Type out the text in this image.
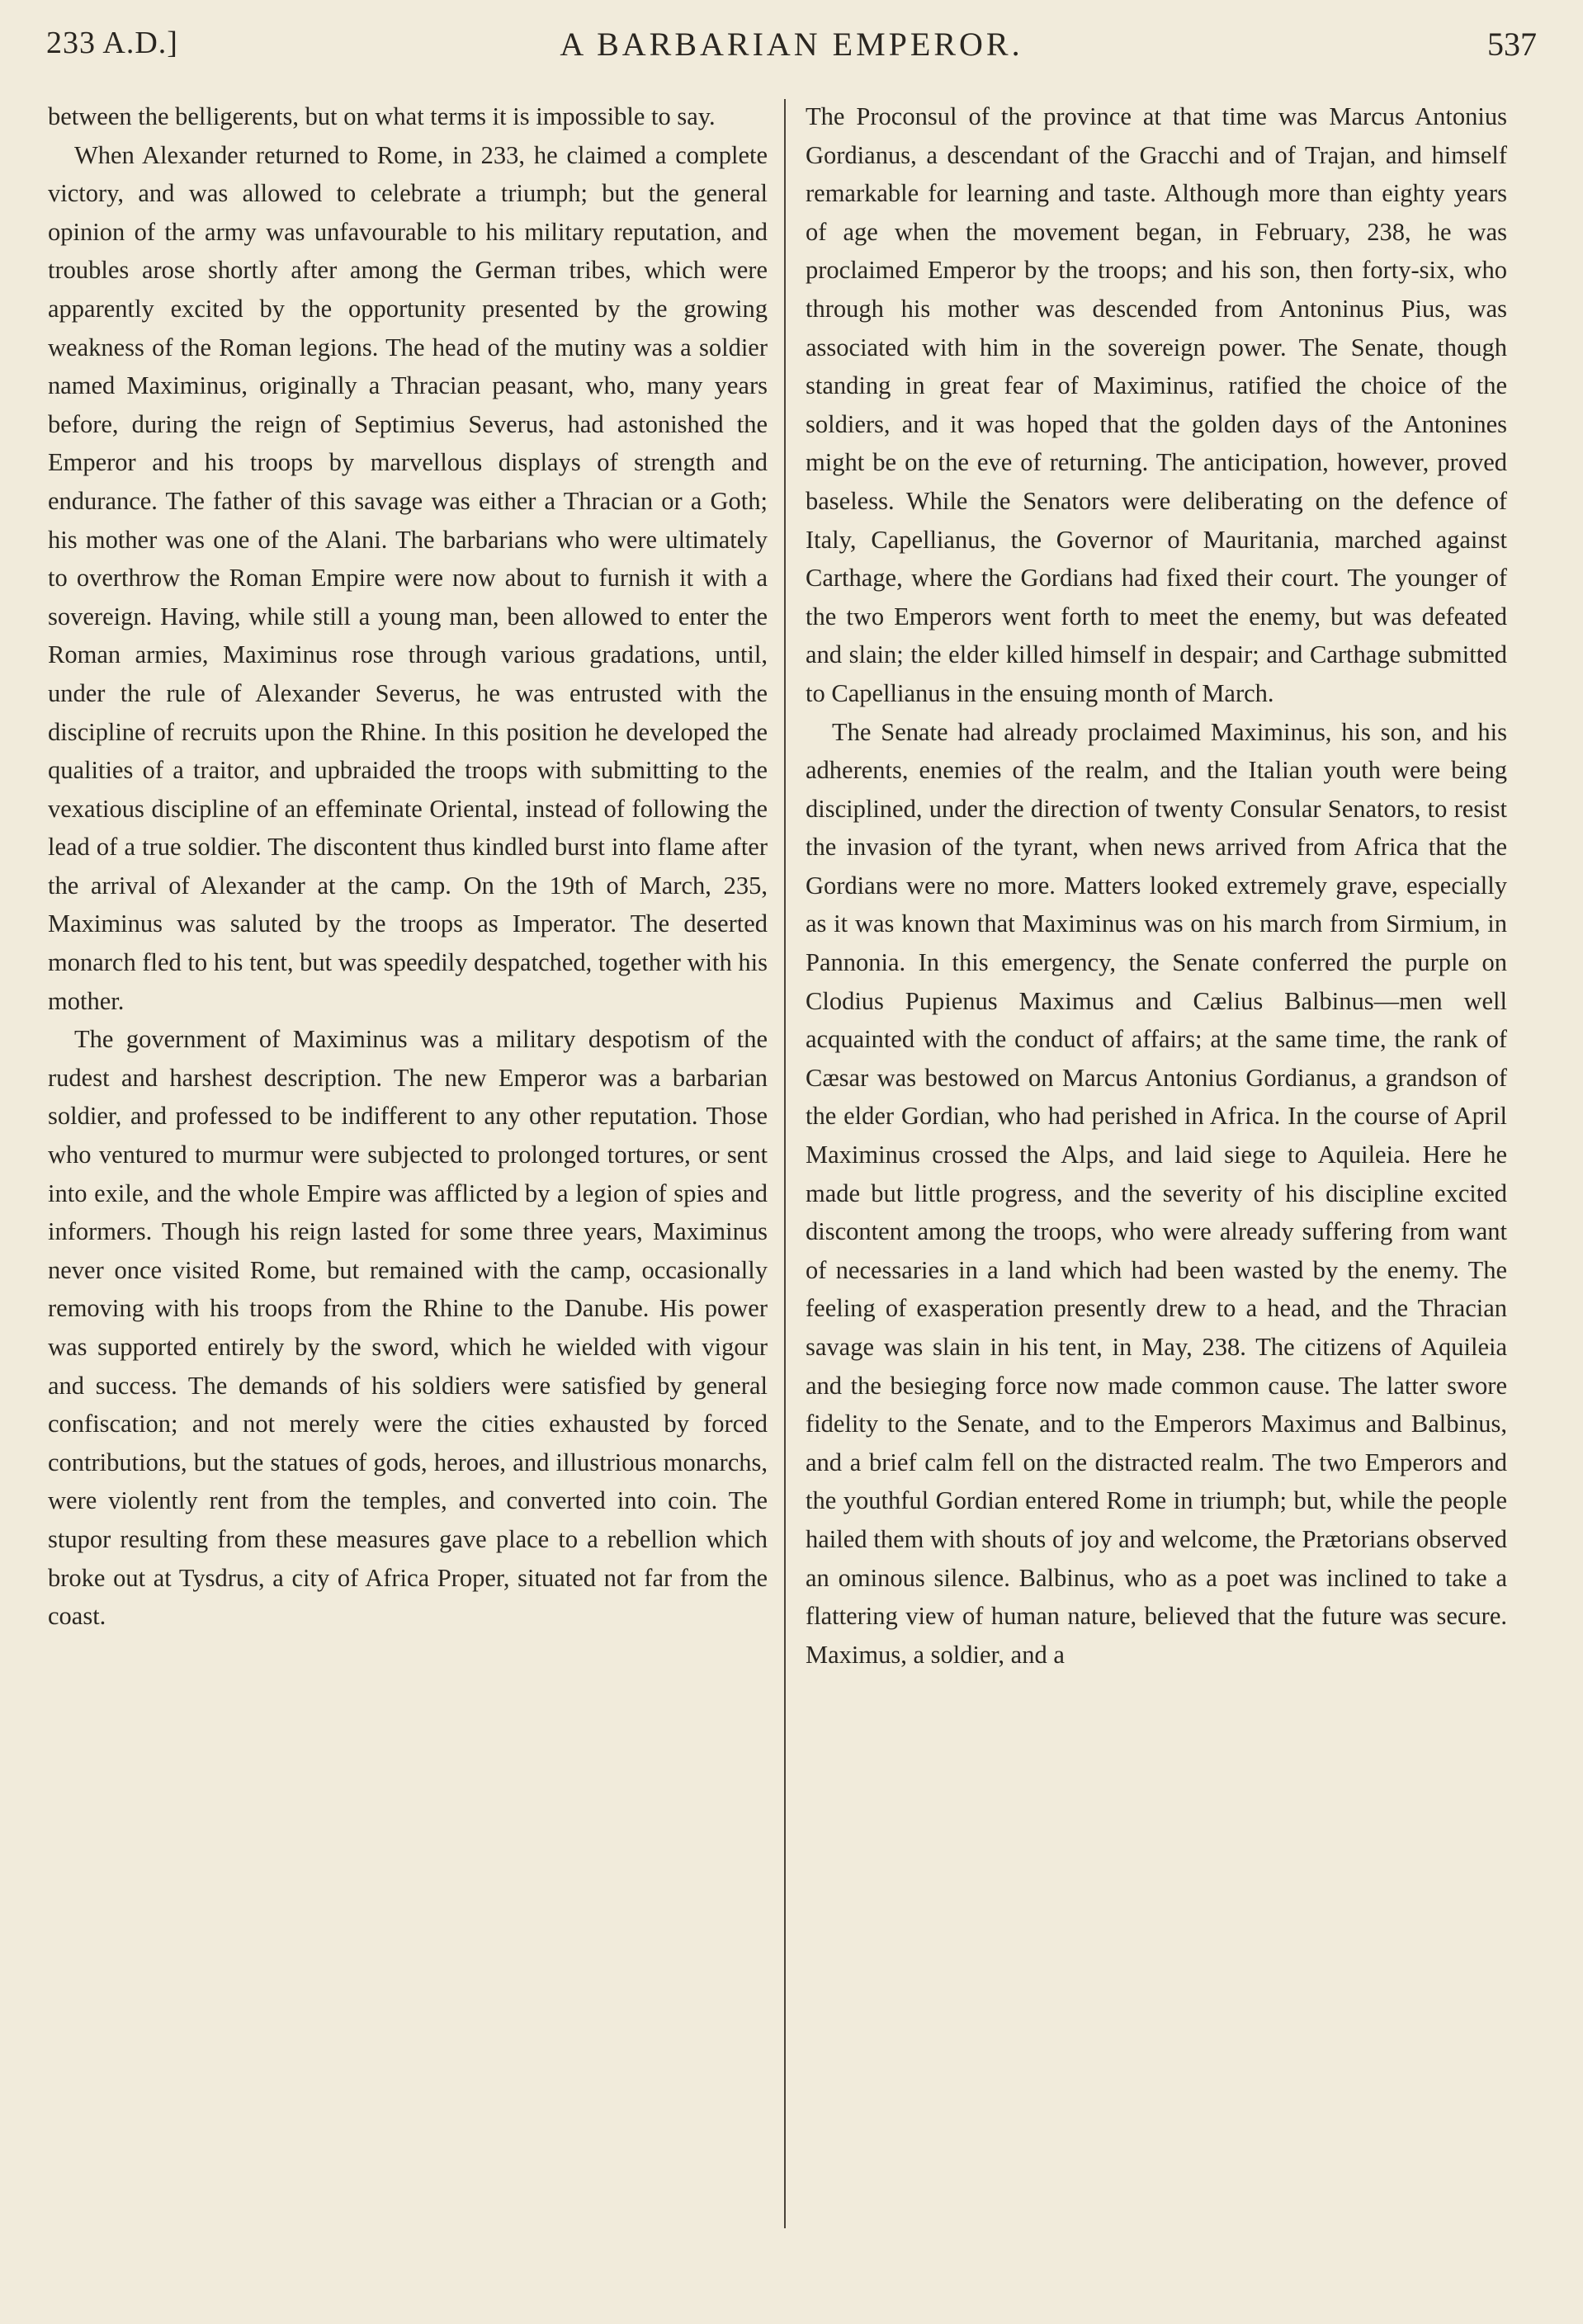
233 A.D.]	A BARBARIAN EMPEROR.	537

between the belligerents, but on what terms it is impossible to say.

When Alexander returned to Rome, in 233, he claimed a complete victory, and was allowed to celebrate a triumph; but the general opinion of the army was unfavourable to his military reputation, and troubles arose shortly after among the German tribes, which were apparently excited by the opportunity presented by the growing weakness of the Roman legions. The head of the mutiny was a soldier named Maximinus, originally a Thracian peasant, who, many years before, during the reign of Septimius Severus, had astonished the Emperor and his troops by marvellous displays of strength and endurance. The father of this savage was either a Thracian or a Goth; his mother was one of the Alani. The barbarians who were ultimately to overthrow the Roman Empire were now about to furnish it with a sovereign. Having, while still a young man, been allowed to enter the Roman armies, Maximinus rose through various gradations, until, under the rule of Alexander Severus, he was entrusted with the discipline of recruits upon the Rhine. In this position he developed the qualities of a traitor, and upbraided the troops with submitting to the vexatious discipline of an effeminate Oriental, instead of following the lead of a true soldier. The discontent thus kindled burst into flame after the arrival of Alexander at the camp. On the 19th of March, 235, Maximinus was saluted by the troops as Imperator. The deserted monarch fled to his tent, but was speedily despatched, together with his mother.

The government of Maximinus was a military despotism of the rudest and harshest description. The new Emperor was a barbarian soldier, and professed to be indifferent to any other reputation. Those who ventured to murmur were subjected to prolonged tortures, or sent into exile, and the whole Empire was afflicted by a legion of spies and informers. Though his reign lasted for some three years, Maximinus never once visited Rome, but remained with the camp, occasionally removing with his troops from the Rhine to the Danube. His power was supported entirely by the sword, which he wielded with vigour and success. The demands of his soldiers were satisfied by general confiscation; and not merely were the cities exhausted by forced contributions, but the statues of gods, heroes, and illustrious monarchs, were violently rent from the temples, and converted into coin. The stupor resulting from these measures gave place to a rebellion which broke out at Tysdrus, a city of Africa Proper, situated not far from the coast.

The Proconsul of the province at that time was Marcus Antonius Gordianus, a descendant of the Gracchi and of Trajan, and himself remarkable for learning and taste. Although more than eighty years of age when the movement began, in February, 238, he was proclaimed Emperor by the troops; and his son, then forty-six, who through his mother was descended from Antoninus Pius, was associated with him in the sovereign power. The Senate, though standing in great fear of Maximinus, ratified the choice of the soldiers, and it was hoped that the golden days of the Antonines might be on the eve of returning. The anticipation, however, proved baseless. While the Senators were deliberating on the defence of Italy, Capellianus, the Governor of Mauritania, marched against Carthage, where the Gordians had fixed their court. The younger of the two Emperors went forth to meet the enemy, but was defeated and slain; the elder killed himself in despair; and Carthage submitted to Capellianus in the ensuing month of March.

The Senate had already proclaimed Maximinus, his son, and his adherents, enemies of the realm, and the Italian youth were being disciplined, under the direction of twenty Consular Senators, to resist the invasion of the tyrant, when news arrived from Africa that the Gordians were no more. Matters looked extremely grave, especially as it was known that Maximinus was on his march from Sirmium, in Pannonia. In this emergency, the Senate conferred the purple on Clodius Pupienus Maximus and Cælius Balbinus—men well acquainted with the conduct of affairs; at the same time, the rank of Cæsar was bestowed on Marcus Antonius Gordianus, a grandson of the elder Gordian, who had perished in Africa. In the course of April Maximinus crossed the Alps, and laid siege to Aquileia. Here he made but little progress, and the severity of his discipline excited discontent among the troops, who were already suffering from want of necessaries in a land which had been wasted by the enemy. The feeling of exasperation presently drew to a head, and the Thracian savage was slain in his tent, in May, 238. The citizens of Aquileia and the besieging force now made common cause. The latter swore fidelity to the Senate, and to the Emperors Maximus and Balbinus, and a brief calm fell on the distracted realm. The two Emperors and the youthful Gordian entered Rome in triumph; but, while the people hailed them with shouts of joy and welcome, the Prætorians observed an ominous silence. Balbinus, who as a poet was inclined to take a flattering view of human nature, believed that the future was secure. Maximus, a soldier, and a
